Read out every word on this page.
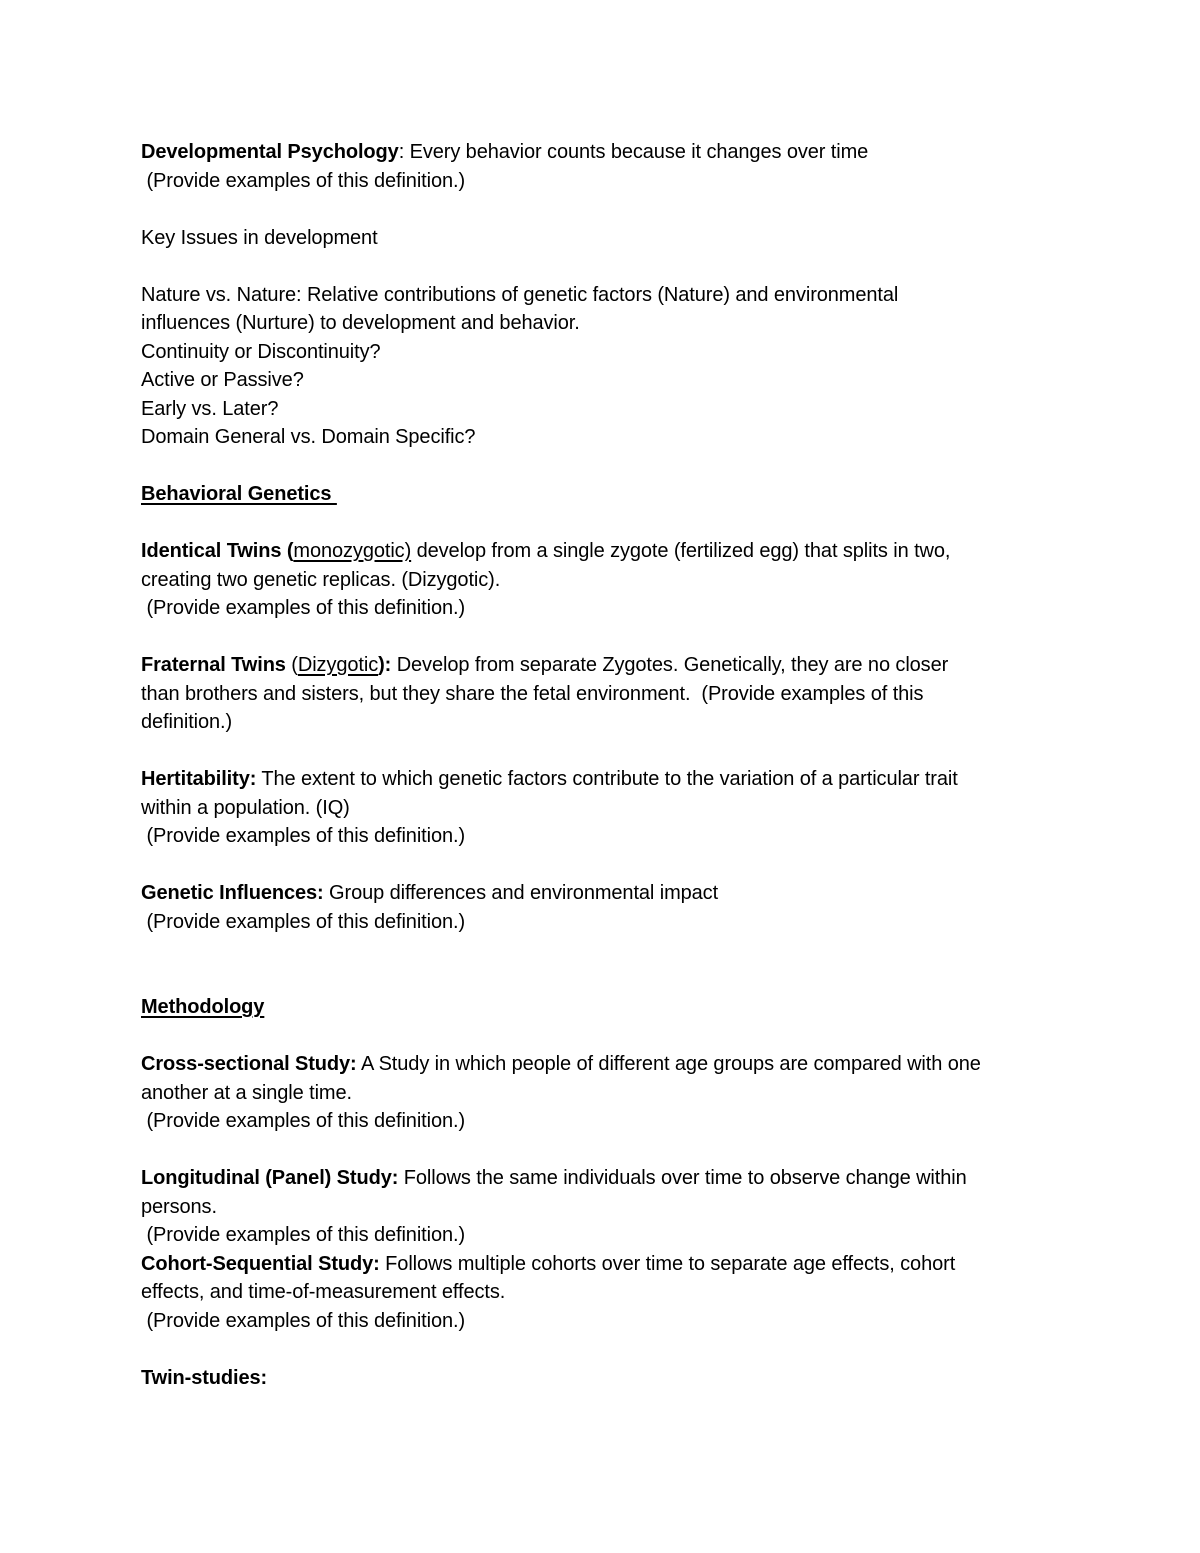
Developmental Psychology: Every behavior counts because it changes over time

(Provide examples of this definition.)

Key Issues in development

Nature vs. Nature: Relative contributions of genetic factors (Nature) and environmental

influences (Nurture) to development and behavior.

Continuity or Discontinuity?

Active or Passive?

Early vs. Later?

Domain General vs. Domain Specific?

Behavioral Genetics

Identical Twins (monozygotic) develop from a single zygote (fertilized egg) that splits in two,

creating two genetic replicas. (Dizygotic).

(Provide examples of this definition.)

Fraternal Twins (Dizygotic): Develop from separate Zygotes. Genetically, they are no closer

than brothers and sisters, but they share the fetal environment.  (Provide examples of this

definition.)

Hertitability: The extent to which genetic factors contribute to the variation of a particular trait

within a population. (IQ)

(Provide examples of this definition.)

Genetic Influences: Group differences and environmental impact

(Provide examples of this definition.)

Methodology

Cross-sectional Study: A Study in which people of different age groups are compared with one

another at a single time.

(Provide examples of this definition.)

Longitudinal (Panel) Study: Follows the same individuals over time to observe change within

persons.

(Provide examples of this definition.)

Cohort-Sequential Study: Follows multiple cohorts over time to separate age effects, cohort

effects, and time-of-measurement effects.

(Provide examples of this definition.)

Twin-studies:
